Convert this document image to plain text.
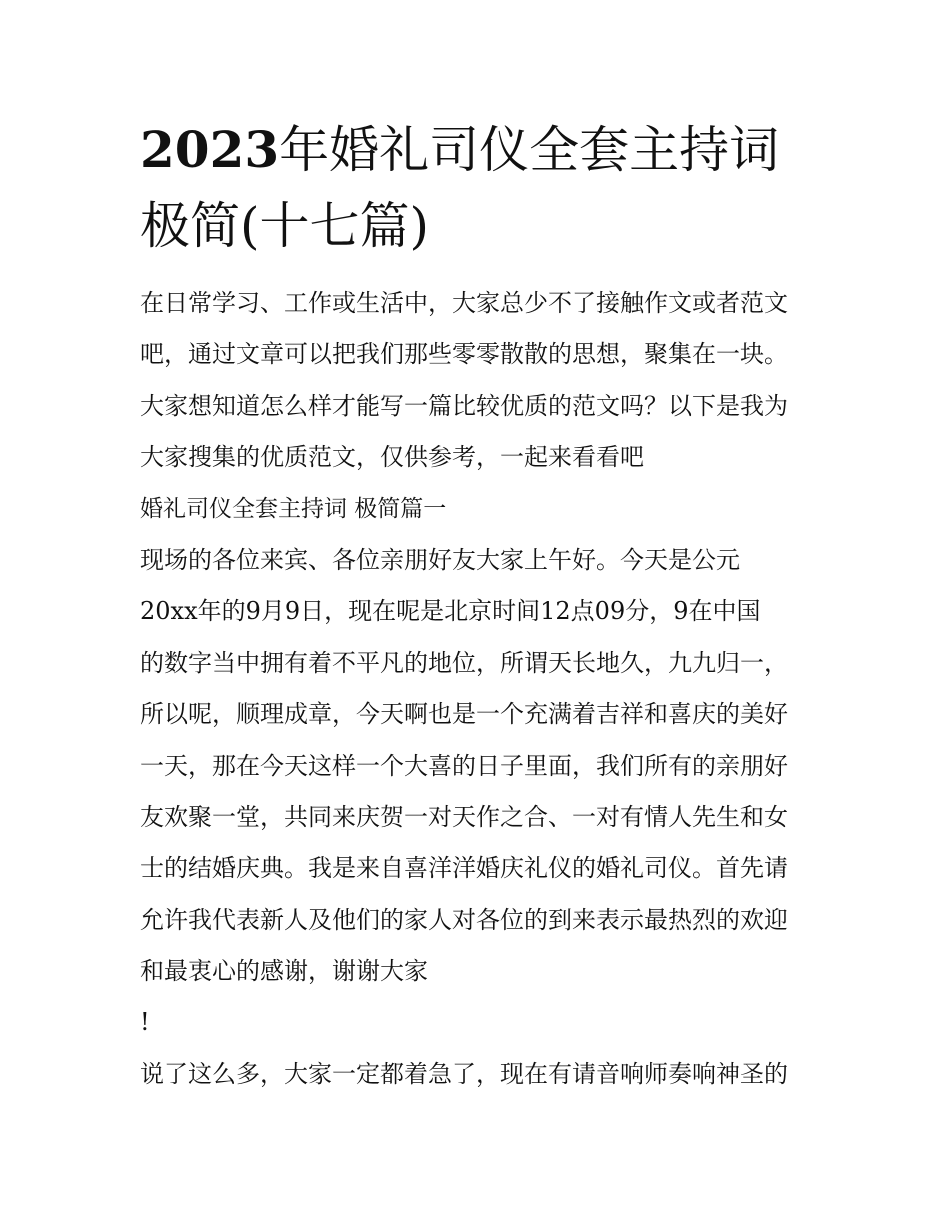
2023年婚礼司仪全套主持词
极简(十七篇)
在日常学习、工作或生活中，大家总少不了接触作文或者范文
吧，通过文章可以把我们那些零零散散的思想，聚集在一块。
大家想知道怎么样才能写一篇比较优质的范文吗？以下是我为
大家搜集的优质范文，仅供参考，一起来看看吧
婚礼司仪全套主持词 极简篇一
现场的各位来宾、各位亲朋好友大家上午好。今天是公元
20xx年的9月9日，现在呢是北京时间12点09分，9在中国
的数字当中拥有着不平凡的地位，所谓天长地久，九九归一，
所以呢，顺理成章，今天啊也是一个充满着吉祥和喜庆的美好
一天，那在今天这样一个大喜的日子里面，我们所有的亲朋好
友欢聚一堂，共同来庆贺一对天作之合、一对有情人先生和女
士的结婚庆典。我是来自喜洋洋婚庆礼仪的婚礼司仪。首先请
允许我代表新人及他们的家人对各位的到来表示最热烈的欢迎
和最衷心的感谢，谢谢大家
!
说了这么多，大家一定都着急了，现在有请音响师奏响神圣的
